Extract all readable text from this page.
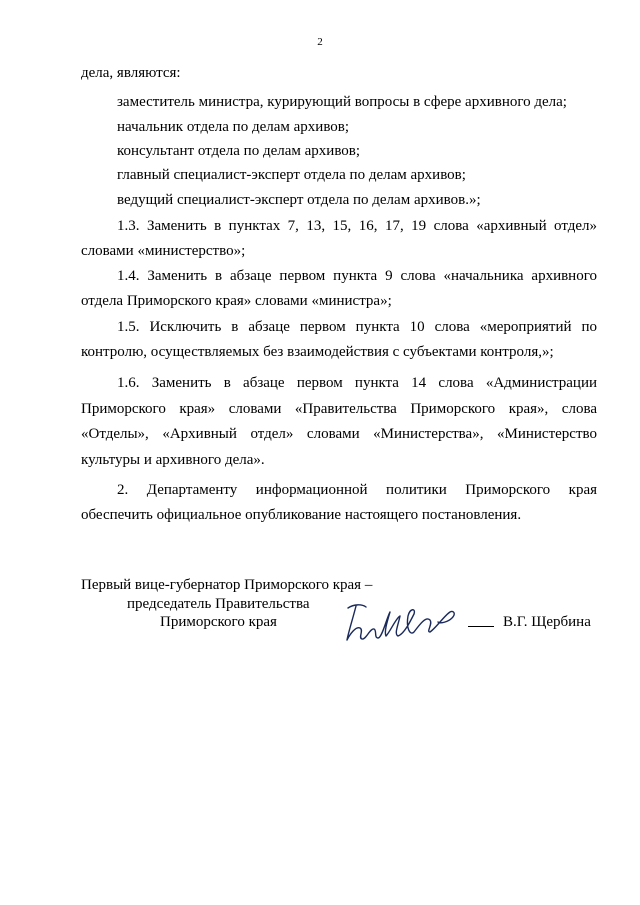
2
дела, являются:
заместитель министра, курирующий вопросы в сфере архивного дела;
начальник отдела по делам архивов;
консультант отдела по делам архивов;
главный специалист-эксперт отдела по делам архивов;
ведущий специалист-эксперт отдела по делам архивов.»;
1.3. Заменить в пунктах 7, 13, 15, 16, 17, 19 слова «архивный отдел»
словами «министерство»;
1.4. Заменить в абзаце первом пункта 9 слова «начальника архивного
отдела Приморского края» словами «министра»;
1.5. Исключить в абзаце первом пункта 10 слова «мероприятий по
контролю, осуществляемых без взаимодействия с субъектами контроля,»;
1.6. Заменить в абзаце первом пункта 14 слова «Администрации
Приморского края» словами «Правительства Приморского края», слова
«Отделы», «Архивный отдел» словами «Министерства», «Министерство
культуры и архивного дела».
2. Департаменту информационной политики Приморского края
обеспечить официальное опубликование настоящего постановления.
Первый вице-губернатор Приморского края –
председатель Правительства
Приморского края	В.Г. Щербина
